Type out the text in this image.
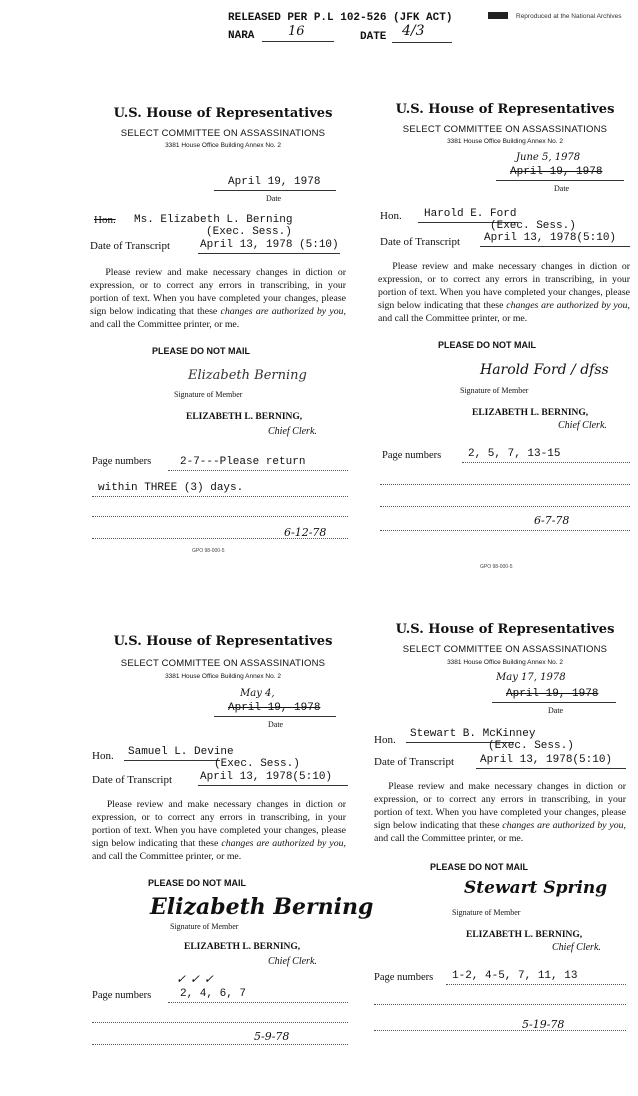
RELEASED PER P.L 102-526 (JFK ACT)
NARA	16	DATE 4/3
Reproduced at the National Archives
U.S. House of Representatives
SELECT COMMITTEE ON ASSASSINATIONS
3381 House Office Building Annex No. 2
April 19, 1978
Date
Hon. Ms. Elizabeth L. Berning
(Exec. Sess.)
Date of Transcript	April 13, 1978 (5:10)
Please review and make necessary changes in diction or expression, or to correct any errors in transcribing, in your portion of text. When you have completed your changes, please sign below indicating that these changes are authorized by you, and call the Committee printer, or me.
PLEASE DO NOT MAIL
Elizabeth Berning
Signature of Member
ELIZABETH L. BERNING,
Chief Clerk.
Page numbers	2-7---Please return
within THREE (3) days.
6-12-78
GPO 98-000-5
U.S. House of Representatives
SELECT COMMITTEE ON ASSASSINATIONS
3381 House Office Building Annex No. 2
June 5, 1978
April 19, 1978
Date
Hon. Harold E. Ford
(Exec. Sess.)
Date of Transcript April 13, 1978(5:10)
Please review and make necessary changes in diction or expression, or to correct any errors in transcribing, in your portion of text. When you have completed your changes, please sign below indicating that these changes are authorized by you, and call the Committee printer, or me.
PLEASE DO NOT MAIL
Harold Ford / dfss
Signature of Member
ELIZABETH L. BERNING,
Chief Clerk.
Page numbers 2, 5, 7, 13-15
6-7-78
GPO 98-000-5
U.S. House of Representatives
SELECT COMMITTEE ON ASSASSINATIONS
3381 House Office Building Annex No. 2
May 4,
April 19, 1978
Date
Hon. Samuel L. Devine
(Exec. Sess.)
Date of Transcript	April 13, 1978(5:10)
Please review and make necessary changes in diction or expression, or to correct any errors in transcribing, in your portion of text. When you have completed your changes, please sign below indicating that these changes are authorized by you, and call the Committee printer, or me.
PLEASE DO NOT MAIL
Elizabeth Berning
Signature of Member
ELIZABETH L. BERNING,
Chief Clerk.
✓ ✓ ✓
Page numbers	2, 4, 6, 7
5-9-78
U.S. House of Representatives
SELECT COMMITTEE ON ASSASSINATIONS
3381 House Office Building Annex No. 2
May 17, 1978
April 19, 1978
Date
Hon. Stewart B. McKinney
(Exec. Sess.)
Date of Transcript April 13, 1978(5:10)
Please review and make necessary changes in diction or expression, or to correct any errors in transcribing, in your portion of text. When you have completed your changes, please sign below indicating that these changes are authorized by you, and call the Committee printer, or me.
PLEASE DO NOT MAIL
Stewart Spring
Signature of Member
ELIZABETH L. BERNING,
Chief Clerk.
Page numbers 1-2, 4-5, 7, 11, 13
5-19-78
